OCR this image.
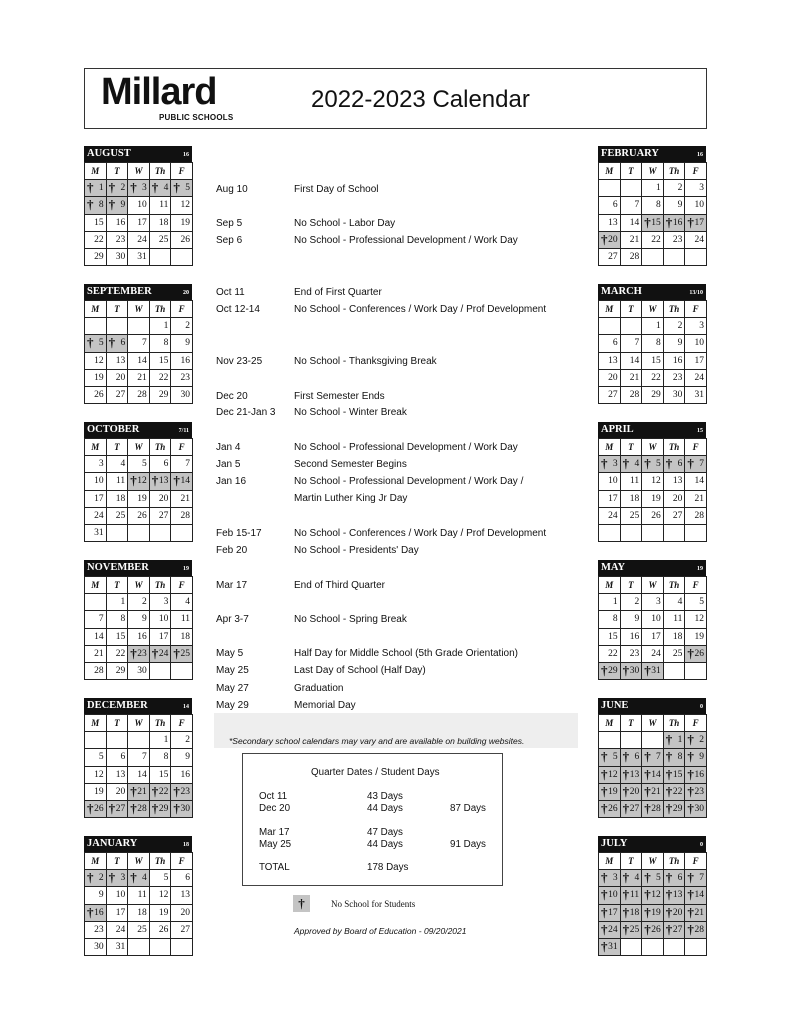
Millard
PUBLIC SCHOOLS
2022-2023 Calendar
AUGUST	16
M	T	W	Th	F

† 1	† 2	† 3	† 4	† 5

† 8	† 9	10	11	12
15	16	17	18	19
22	23	24	25	26
29	30	31		
SEPTEMBER	20
M	T	W	Th	F
			1	2

† 5	† 6	7	8	9
12	13	14	15	16
19	20	21	22	23
26	27	28	29	30
OCTOBER	7/11
M	T	W	Th	F
3	4	5	6	7
10	11	† 12	† 13	† 14
17	18	19	20	21
24	25	26	27	28
31				
NOVEMBER	19
M	T	W	Th	F
	1	2	3	4
7	8	9	10	11
14	15	16	17	18
21	22	† 23	† 24	† 25
28	29	30		
DECEMBER	14
M	T	W	Th	F
			1	2
5	6	7	8	9
12	13	14	15	16
19	20	† 21	† 22	† 23

† 26	† 27	† 28	† 29	† 30
JANUARY	18
M	T	W	Th	F

† 2	† 3	† 4	5	6
9	10	11	12	13

† 16	17	18	19	20
23	24	25	26	27
30	31			
FEBRUARY	16
M	T	W	Th	F
		1	2	3
6	7	8	9	10
13	14	† 15	† 16	† 17

† 20	21	22	23	24
27	28			
MARCH	13/10
M	T	W	Th	F
		1	2	3
6	7	8	9	10
13	14	15	16	17
20	21	22	23	24
27	28	29	30	31
APRIL	15
M	T	W	Th	F

† 3	† 4	† 5	† 6	† 7
10	11	12	13	14
17	18	19	20	21
24	25	26	27	28

MAY	19
M	T	W	Th	F
1	2	3	4	5
8	9	10	11	12
15	16	17	18	19
22	23	24	25	† 26

† 29	† 30	† 31		
JUNE	0
M	T	W	Th	F

			† 1	† 2

† 5	† 6	† 7	† 8	† 9

† 12	† 13	† 14	† 15	† 16

† 19	† 20	† 21	† 22	† 23

† 26	† 27	† 28	† 29	† 30
JULY	0
M	T	W	Th	F

† 3	† 4	† 5	† 6	† 7

† 10	† 11	† 12	† 13	† 14

† 17	† 18	† 19	† 20	† 21

† 24	† 25	† 26	† 27	† 28

† 31				
Aug 10	First Day of School
Sep 5	No School - Labor Day
Sep 6	No School - Professional Development / Work Day
Oct 11	End of First Quarter
Oct 12-14	No School - Conferences / Work Day / Prof Development
Nov 23-25	No School - Thanksgiving Break
Dec 20	First Semester Ends
Dec 21-Jan 3 No School - Winter Break
Jan 4	No School - Professional Development / Work Day
Jan 5	Second Semester Begins
Jan 16	No School - Professional Development / Work Day /
Martin Luther King Jr Day
Feb 15-17	No School - Conferences / Work Day / Prof Development
Feb 20	No School - Presidents' Day
Mar 17	End of Third Quarter
Apr 3-7	No School - Spring Break
May 5	Half Day for Middle School (5th Grade Orientation)
May 25	Last Day of School (Half Day)
May 27	Graduation
May 29	Memorial Day
*Secondary school calendars may vary and are available on building websites.
Quarter Dates / Student Days
Oct 11	43 Days
Dec 20	44 Days	87 Days
Mar 17	47 Days
May 25	44 Days	91 Days
TOTAL	178 Days
†	No School for Students
Approved by Board of Education - 09/20/2021
